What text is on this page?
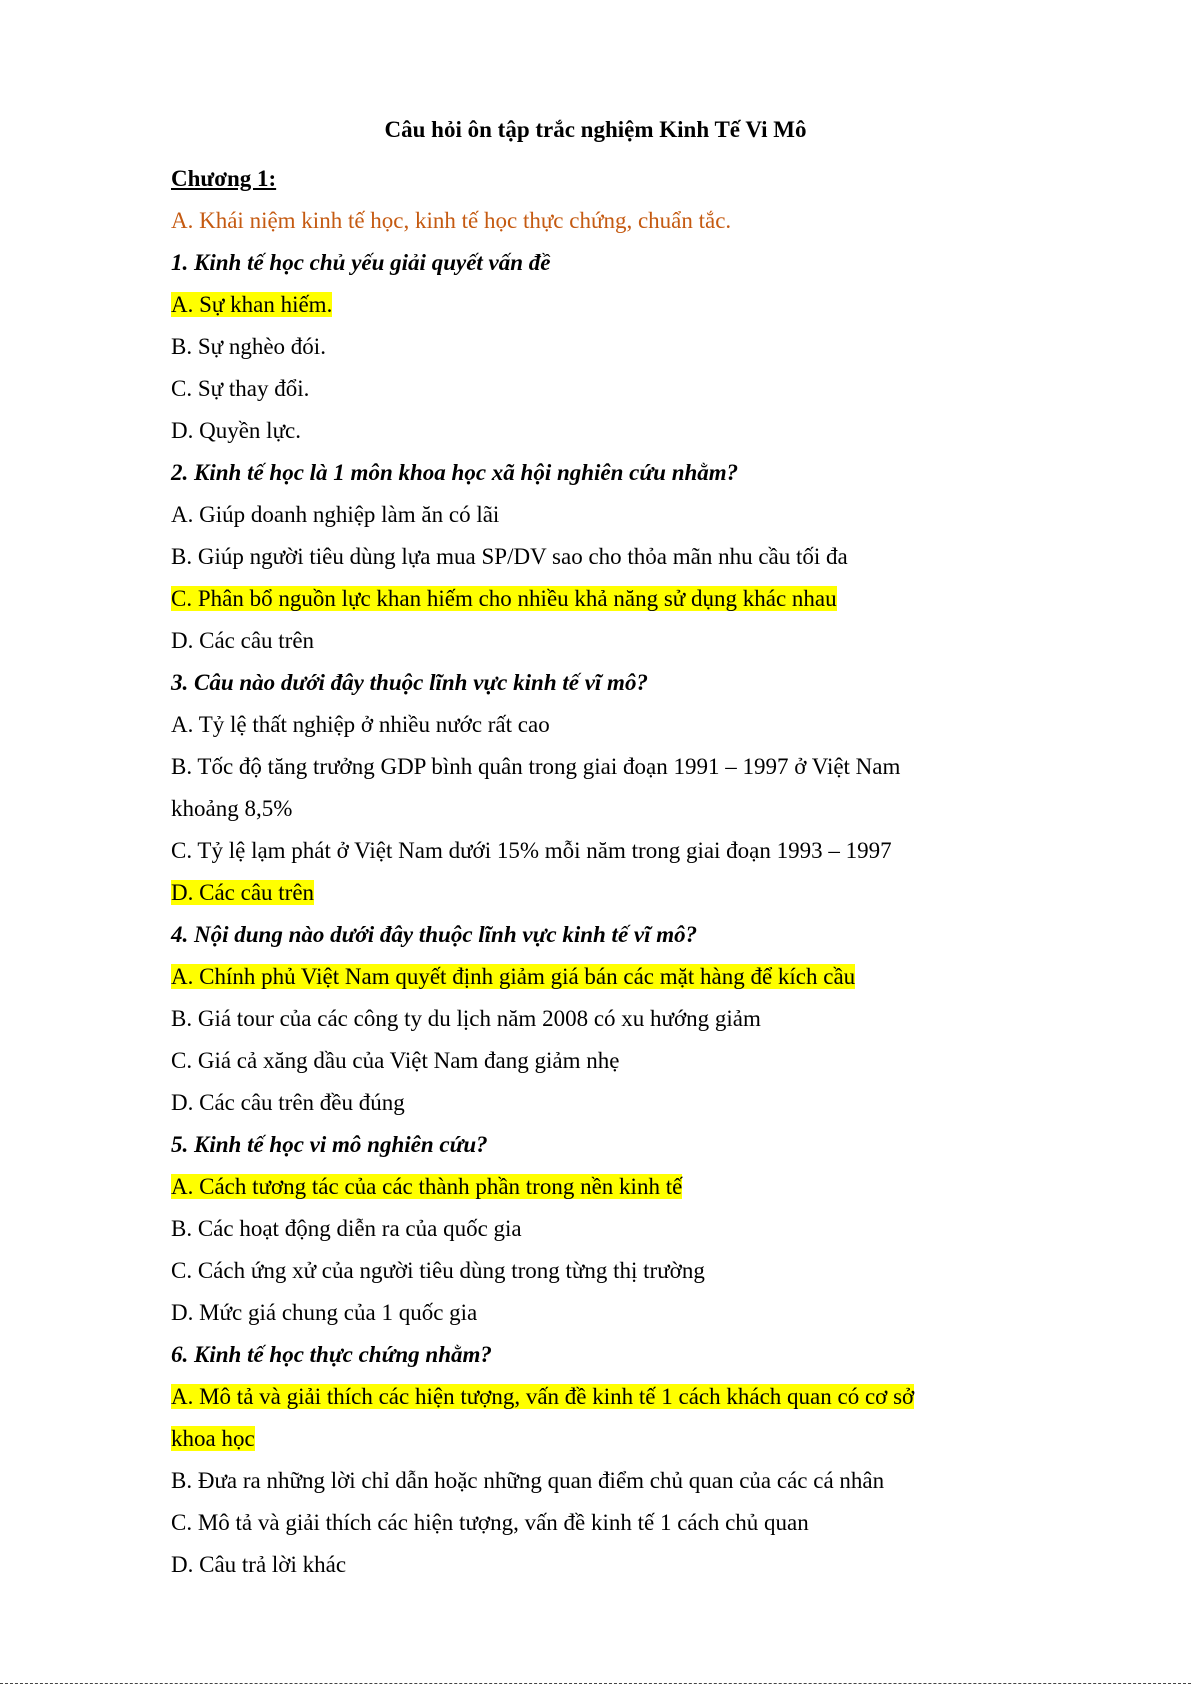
Câu hỏi ôn tập trắc nghiệm Kinh Tế Vi Mô
Chương 1:
A. Khái niệm kinh tế học, kinh tế học thực chứng, chuẩn tắc.
1. Kinh tế học chủ yếu giải quyết vấn đề
A. Sự khan hiếm.
B. Sự nghèo đói.
C. Sự thay đổi.
D. Quyền lực.
2. Kinh tế học là 1 môn khoa học xã hội nghiên cứu nhằm?
A. Giúp doanh nghiệp làm ăn có lãi
B. Giúp người tiêu dùng lựa mua SP/DV sao cho thỏa mãn nhu cầu tối đa
C. Phân bổ nguồn lực khan hiếm cho nhiều khả năng sử dụng khác nhau
D. Các câu trên
3. Câu nào dưới đây thuộc lĩnh vực kinh tế vĩ mô?
A. Tỷ lệ thất nghiệp ở nhiều nước rất cao
B. Tốc độ tăng trưởng GDP bình quân trong giai đoạn 1991 – 1997 ở Việt Nam
khoảng 8,5%
C. Tỷ lệ lạm phát ở Việt Nam dưới 15% mỗi năm trong giai đoạn 1993 – 1997
D. Các câu trên
4. Nội dung nào dưới đây thuộc lĩnh vực kinh tế vĩ mô?
A. Chính phủ Việt Nam quyết định giảm giá bán các mặt hàng để kích cầu
B. Giá tour của các công ty du lịch năm 2008 có xu hướng giảm
C. Giá cả xăng dầu của Việt Nam đang giảm nhẹ
D. Các câu trên đều đúng
5. Kinh tế học vi mô nghiên cứu?
A. Cách tương tác của các thành phần trong nền kinh tế
B. Các hoạt động diễn ra của quốc gia
C. Cách ứng xử của người tiêu dùng trong từng thị trường
D. Mức giá chung của 1 quốc gia
6. Kinh tế học thực chứng nhằm?
A. Mô tả và giải thích các hiện tượng, vấn đề kinh tế 1 cách khách quan có cơ sở
khoa học
B. Đưa ra những lời chỉ dẫn hoặc những quan điểm chủ quan của các cá nhân
C. Mô tả và giải thích các hiện tượng, vấn đề kinh tế 1 cách chủ quan
D. Câu trả lời khác
